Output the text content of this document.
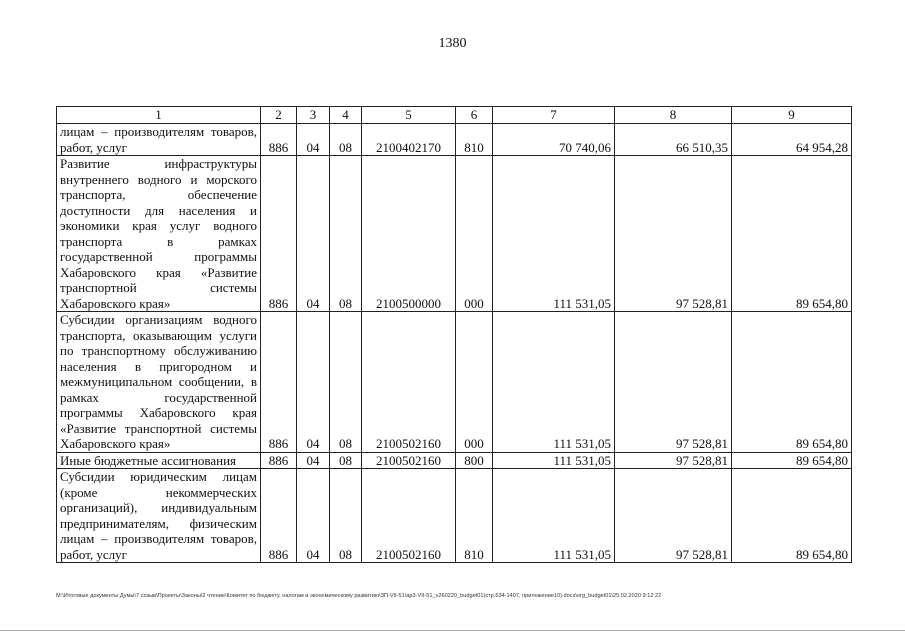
1380
1	2	3	4	5	6	7	8	9
лицам – производителям товаров, работ, услуг	886	04	08	2100402170	810	70 740,06	66 510,35	64 954,28
Развитие инфраструктуры внутреннего водного и морского транспорта, обеспечение доступности для населения и экономики края услуг водного транспорта в рамках государственной программы Хабаровского края «Развитие транспортной системы Хабаровского края»	886	04	08	2100500000	000	111 531,05	97 528,81	89 654,80
Субсидии организациям водного транспорта, оказывающим услуги по транспортному обслуживанию населения в пригородном и межмуниципальном сообщении, в рамках государственной программы Хабаровского края «Развитие транспортной системы Хабаровского края»	886	04	08	2100502160	000	111 531,05	97 528,81	89 654,80
Иные бюджетные ассигнования	886	04	08	2100502160	800	111 531,05	97 528,81	89 654,80
Субсидии юридическим лицам (кроме некоммерческих организаций), индивидуальным предпринимателям, физическим лицам – производителям товаров, работ, услуг	886	04	08	2100502160	810	111 531,05	97 528,81	89 654,80
M:\Итоговые документы Думы\7 созыв\Проекты\Законы\2 чтение\Комитет по бюджету, налогам и экономическому развитию\ЗП-VII-51\ap3-VII-51_v260220_budget01(стр.634-1407, приложение10).docx\org_budget01\25.02.2020 9:12:22
